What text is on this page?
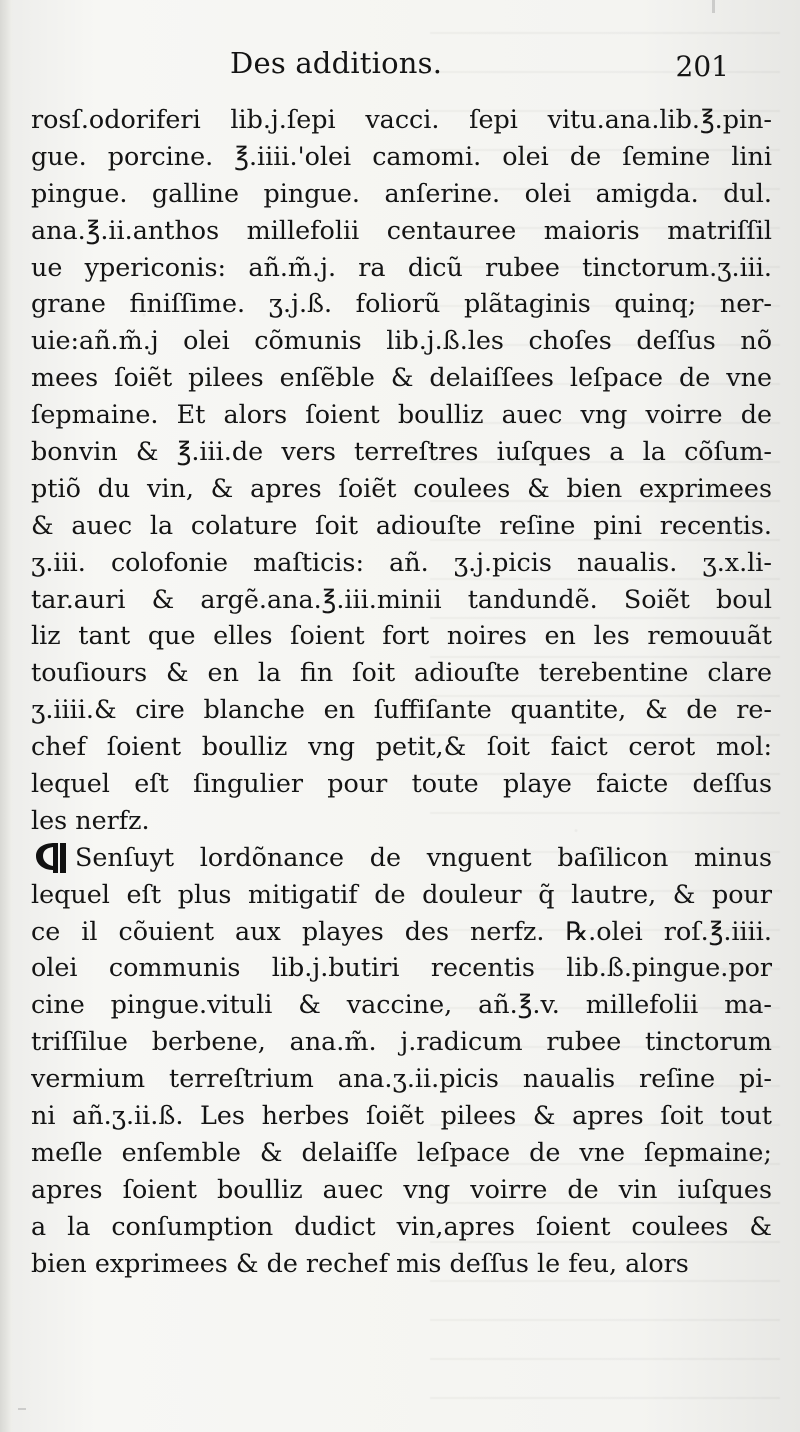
Des additions.	201
rosſ.odoriferi lib.j.ſepi vacci. ſepi vitu.ana.lib.℥.pin-
gue. porcine. ℥.iiii.'olei camomi. olei de ſemine lini
pingue. galline pingue. anſerine. olei amigda. dul.
ana.℥.ii.anthos millefolii centauree maioris matriſſil
ue ypericonis: añ.m̃.j. ra dicũ rubee tinctorum.ʒ.iii.
grane finiſſime. ʒ.j.ß. foliorũ plãtaginis quinq; ner-
uie:añ.m̃.j olei cõmunis lib.j.ß.les choſes deſſus nõ
mees ſoiẽt pilees enſẽble & delaiſſees leſpace de vne
ſepmaine. Et alors ſoient boulliz auec vng voirre de
bonvin & ℥.iii.de vers terreſtres iuſques a la cõſum-
ptiõ du vin, & apres ſoiẽt coulees & bien exprimees
& auec la colature ſoit adiouſte reſine pini recentis.
ʒ.iii. colofonie maſticis: añ. ʒ.j.picis naualis. ʒ.x.li-
tar.auri & argẽ.ana.℥.iii.minii tandundẽ. Soiẽt boul
liz tant que elles ſoient fort noires en les remouuãt
touſiours & en la fin ſoit adiouſte terebentine clare
ʒ.iiii.& cire blanche en ſuffiſante quantite, & de re-
chef ſoient boulliz vng petit,& ſoit faict cerot mol:
lequel eſt ſingulier pour toute playe faicte deſſus
les nerfz.
Senſuyt lordõnance de vnguent baſilicon minus
lequel eſt plus mitigatif de douleur q̃ lautre, & pour
ce il cõuient aux playes des nerfz. ℞.olei roſ.℥.iiii.
olei communis lib.j.butiri recentis lib.ß.pingue.por
cine pingue.vituli & vaccine, añ.℥.v. millefolii ma-
triſſilue berbene, ana.m̃. j.radicum rubee tinctorum
vermium terreſtrium ana.ʒ.ii.picis naualis reſine pi-
ni añ.ʒ.ii.ß. Les herbes ſoiẽt pilees & apres ſoit tout
meſle enſemble & delaiſſe leſpace de vne ſepmaine;
apres ſoient boulliz auec vng voirre de vin iuſques
a la conſumption dudict vin,apres ſoient coulees &
bien exprimees & de rechef mis deſſus le feu, alors
